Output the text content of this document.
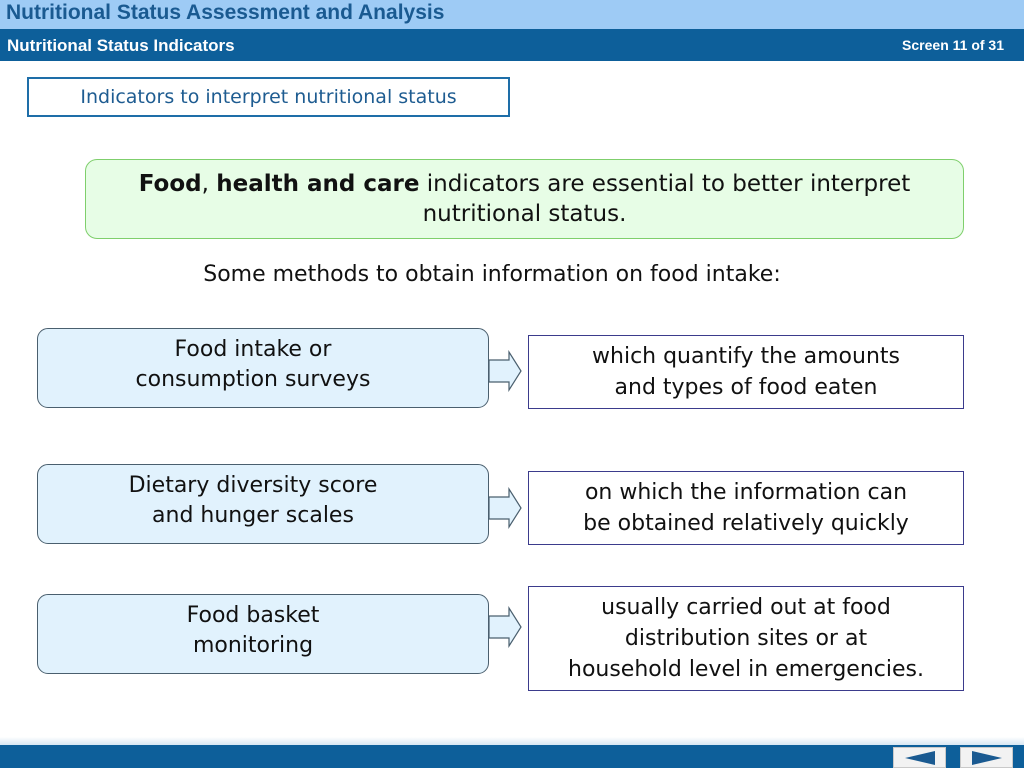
Nutritional Status Assessment and Analysis
Nutritional Status Indicators	Screen 11 of 31
Indicators to interpret nutritional status
Food, health and care indicators are essential to better interpret nutritional status.
Some methods to obtain information on food intake:
Food intake or
consumption surveys
which quantify the amounts
and types of food eaten
Dietary diversity score
and hunger scales
on which the information can
be obtained relatively quickly
Food basket
monitoring
usually carried out at food
distribution sites or at
household level in emergencies.
